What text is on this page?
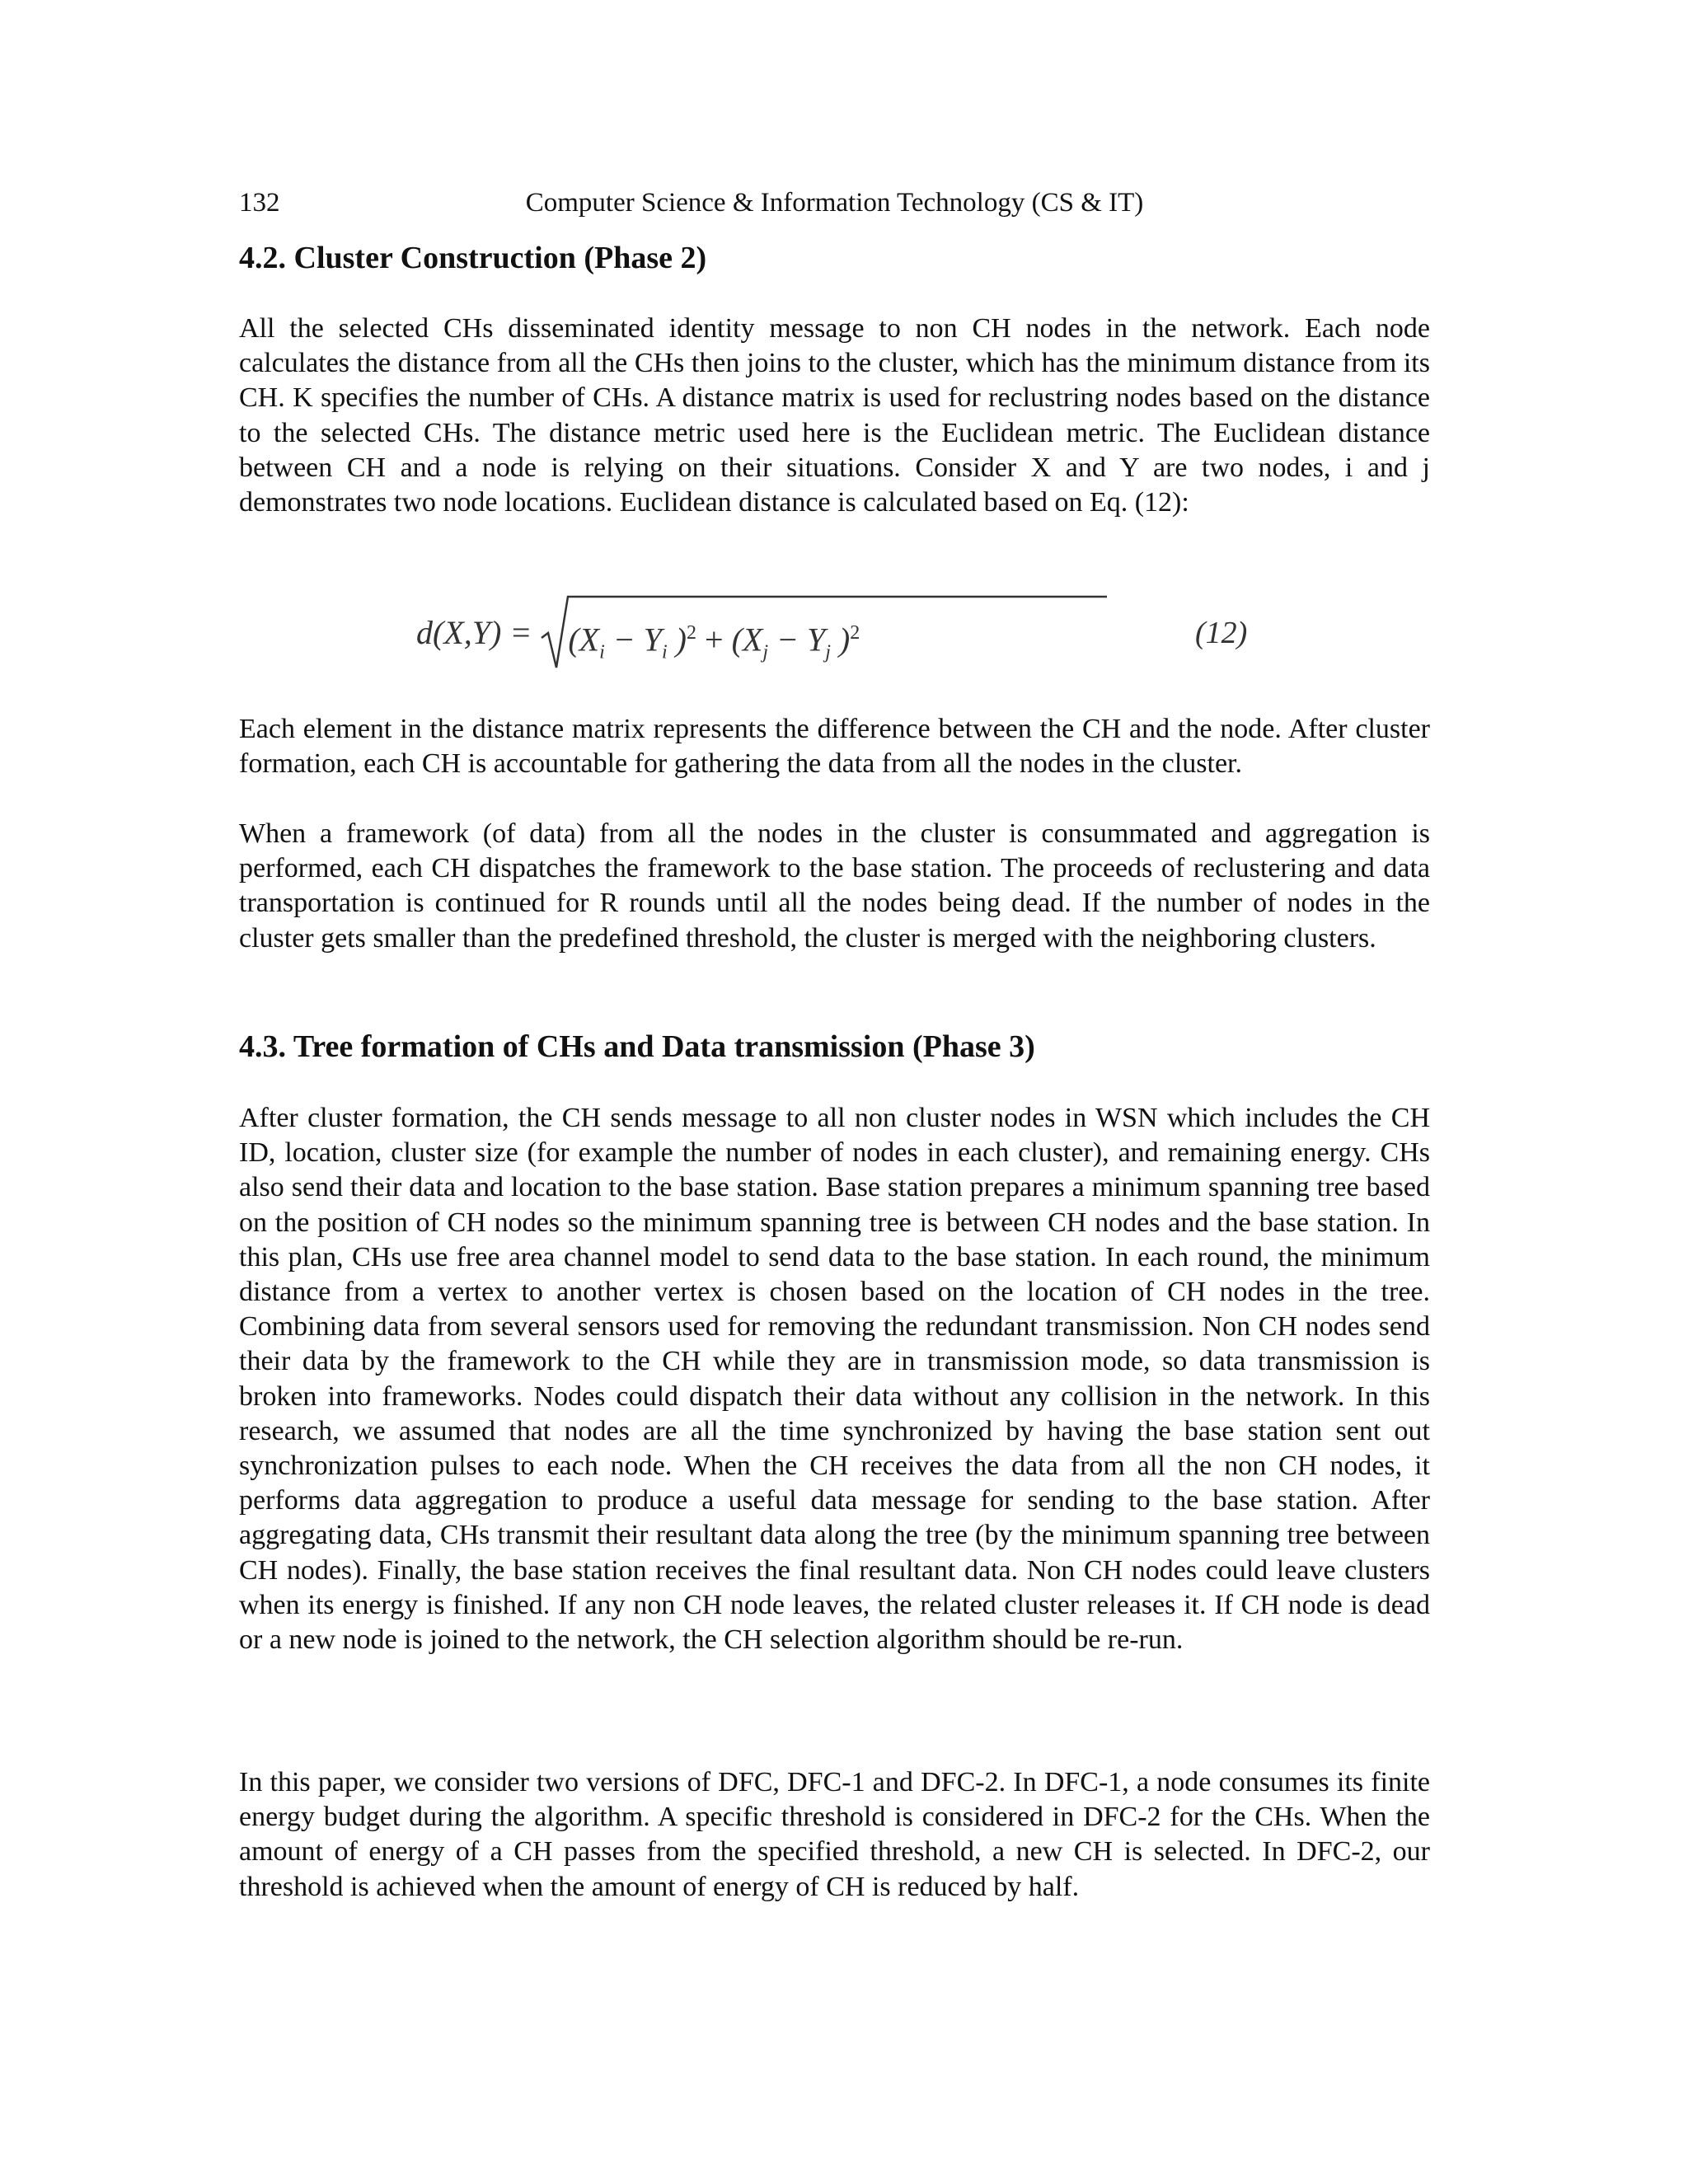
132	Computer Science & Information Technology (CS & IT)
4.2. Cluster Construction (Phase 2)

All the selected CHs disseminated identity message to non CH nodes in the network. Each node calculates the distance from all the CHs then joins to the cluster, which has the minimum distance from its CH. K specifies the number of CHs. A distance matrix is used for reclustring nodes based on the distance to the selected CHs. The distance metric used here is the Euclidean metric. The Euclidean distance between CH and a node is relying on their situations. Consider X and Y are two nodes, i and j demonstrates two node locations. Euclidean distance is calculated based on Eq. (12):

$d(X,Y) = (X_i - Y_i$ )$^2 + (X_j - Y_j$ )$^2$	(12)

Each element in the distance matrix represents the difference between the CH and the node. After cluster formation, each CH is accountable for gathering the data from all the nodes in the cluster.

When a framework (of data) from all the nodes in the cluster is consummated and aggregation is performed, each CH dispatches the framework to the base station. The proceeds of reclustering and data transportation is continued for R rounds until all the nodes being dead. If the number of nodes in the cluster gets smaller than the predefined threshold, the cluster is merged with the neighboring clusters.

4.3. Tree formation of CHs and Data transmission (Phase 3)

After cluster formation, the CH sends message to all non cluster nodes in WSN which includes the CH ID, location, cluster size (for example the number of nodes in each cluster), and remaining energy. CHs also send their data and location to the base station. Base station prepares a minimum spanning tree based on the position of CH nodes so the minimum spanning tree is between CH nodes and the base station. In this plan, CHs use free area channel model to send data to the base station. In each round, the minimum distance from a vertex to another vertex is chosen based on the location of CH nodes in the tree. Combining data from several sensors used for removing the redundant transmission. Non CH nodes send their data by the framework to the CH while they are in transmission mode, so data transmission is broken into frameworks. Nodes could dispatch their data without any collision in the network. In this research, we assumed that nodes are all the time synchronized by having the base station sent out synchronization pulses to each node. When the CH receives the data from all the non CH nodes, it performs data aggregation to produce a useful data message for sending to the base station. After aggregating data, CHs transmit their resultant data along the tree (by the minimum spanning tree between CH nodes). Finally, the base station receives the final resultant data. Non CH nodes could leave clusters when its energy is finished. If any non CH node leaves, the related cluster releases it. If CH node is dead or a new node is joined to the network, the CH selection algorithm should be re-run.

In this paper, we consider two versions of DFC, DFC-1 and DFC-2. In DFC-1, a node consumes its finite energy budget during the algorithm. A specific threshold is considered in DFC-2 for the CHs. When the amount of energy of a CH passes from the specified threshold, a new CH is selected. In DFC-2, our threshold is achieved when the amount of energy of CH is reduced by half.
